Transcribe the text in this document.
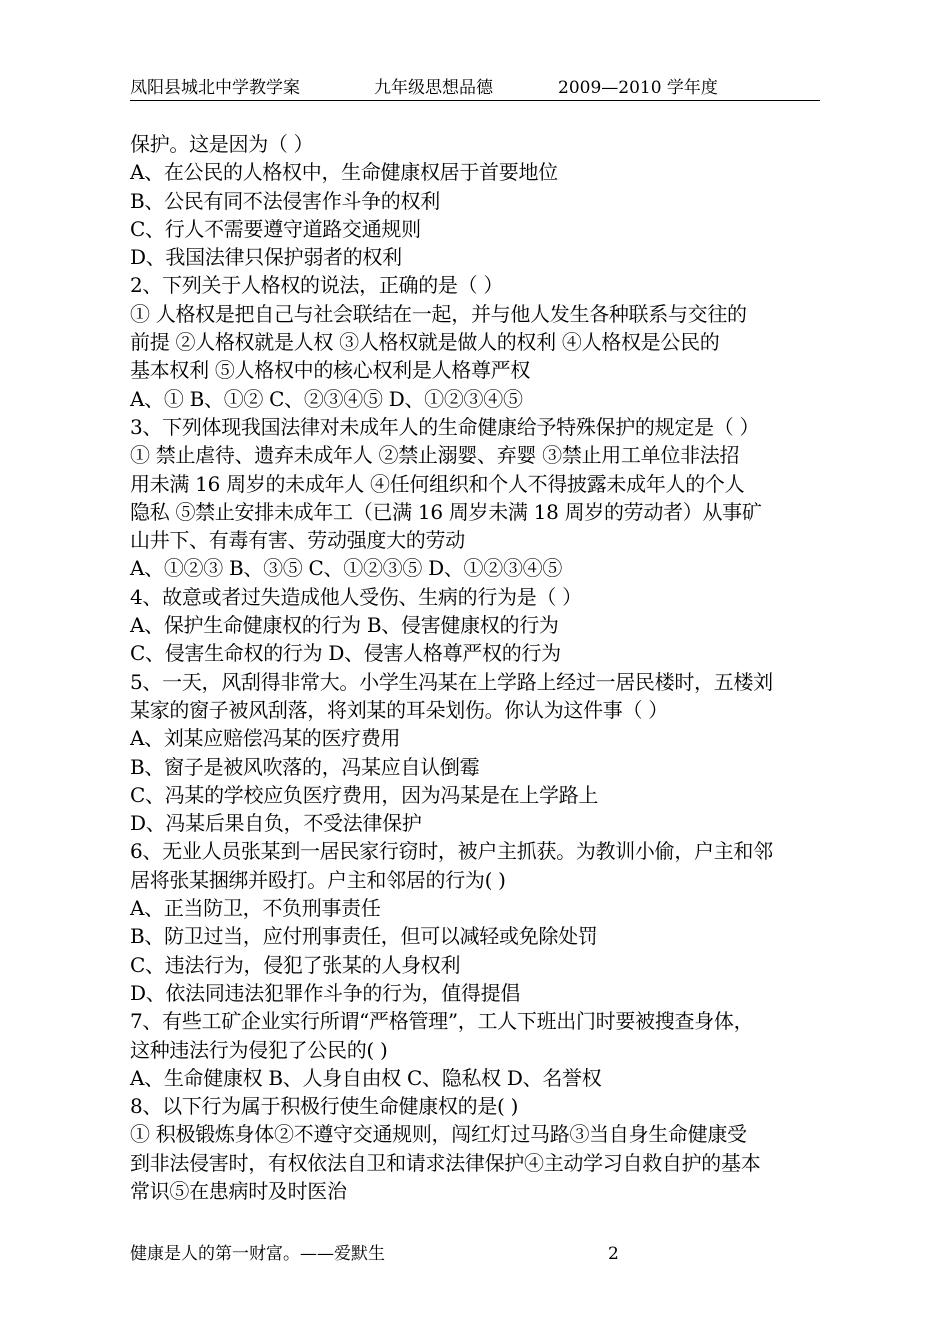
凤阳县城北中学教学案	九年级思想品德	2009—2010 学年度
保护。这是因为（ ）
A、在公民的人格权中，生命健康权居于首要地位
B、公民有同不法侵害作斗争的权利
C、行人不需要遵守道路交通规则
D、我国法律只保护弱者的权利
2、下列关于人格权的说法，正确的是（ ）
① 人格权是把自己与社会联结在一起，并与他人发生各种联系与交往的
前提 ②人格权就是人权 ③人格权就是做人的权利 ④人格权是公民的
基本权利 ⑤人格权中的核心权利是人格尊严权
A、① B、①② C、②③④⑤ D、①②③④⑤
3、下列体现我国法律对未成年人的生命健康给予特殊保护的规定是（ ）
① 禁止虐待、遗弃未成年人 ②禁止溺婴、弃婴 ③禁止用工单位非法招
用未满 16 周岁的未成年人 ④任何组织和个人不得披露未成年人的个人
隐私 ⑤禁止安排未成年工（已满 16 周岁未满 18 周岁的劳动者）从事矿
山井下、有毒有害、劳动强度大的劳动
A、①②③ B、③⑤ C、①②③⑤ D、①②③④⑤
4、故意或者过失造成他人受伤、生病的行为是（ ）
A、保护生命健康权的行为 B、侵害健康权的行为
C、侵害生命权的行为 D、侵害人格尊严权的行为
5、一天，风刮得非常大。小学生冯某在上学路上经过一居民楼时，五楼刘
某家的窗子被风刮落，将刘某的耳朵划伤。你认为这件事（ ）
A、刘某应赔偿冯某的医疗费用
B、窗子是被风吹落的，冯某应自认倒霉
C、冯某的学校应负医疗费用，因为冯某是在上学路上
D、冯某后果自负，不受法律保护
6、无业人员张某到一居民家行窃时，被户主抓获。为教训小偷，户主和邻
居将张某捆绑并殴打。户主和邻居的行为( )
A、正当防卫，不负刑事责任
B、防卫过当，应付刑事责任，但可以减轻或免除处罚
C、违法行为，侵犯了张某的人身权利
D、依法同违法犯罪作斗争的行为，值得提倡
7、有些工矿企业实行所谓“严格管理”，工人下班出门时要被搜查身体，
这种违法行为侵犯了公民的( )
A、生命健康权 B、人身自由权 C、隐私权 D、名誉权
8、以下行为属于积极行使生命健康权的是( )
① 积极锻炼身体②不遵守交通规则，闯红灯过马路③当自身生命健康受
到非法侵害时，有权依法自卫和请求法律保护④主动学习自救自护的基本
常识⑤在患病时及时医治
健康是人的第一财富。——爱默生	2
